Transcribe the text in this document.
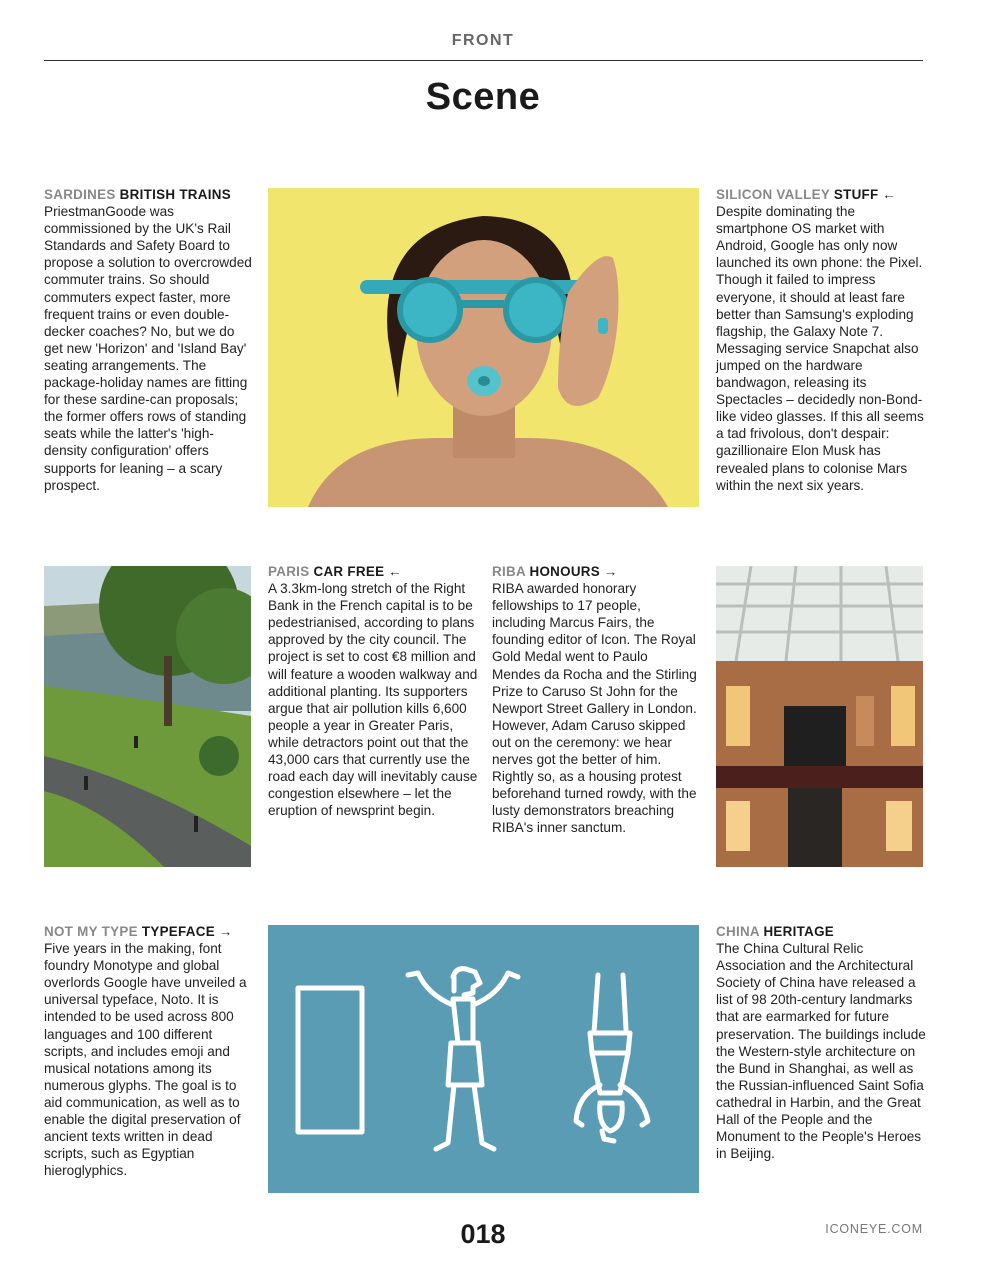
FRONT
Scene
SARDINES BRITISH TRAINS

PriestmanGoode was commissioned by the UK's Rail Standards and Safety Board to propose a solution to overcrowded commuter trains. So should commuters expect faster, more frequent trains or even double-decker coaches? No, but we do get new 'Horizon' and 'Island Bay' seating arrangements. The package-holiday names are fitting for these sardine-can proposals; the former offers rows of standing seats while the latter's 'high-density configuration' offers supports for leaning – a scary prospect.

SILICON VALLEY STUFF ←

Despite dominating the smartphone OS market with Android, Google has only now launched its own phone: the Pixel. Though it failed to impress everyone, it should at least fare better than Samsung's exploding flagship, the Galaxy Note 7. Messaging service Snapchat also jumped on the hardware bandwagon, releasing its Spectacles – decidedly non-Bond-like video glasses. If this all seems a tad frivolous, don't despair: gazillionaire Elon Musk has revealed plans to colonise Mars within the next six years.

PARIS CAR FREE ←

A 3.3km-long stretch of the Right Bank in the French capital is to be pedestrianised, according to plans approved by the city council. The project is set to cost €8 million and will feature a wooden walkway and additional planting. Its supporters argue that air pollution kills 6,600 people a year in Greater Paris, while detractors point out that the 43,000 cars that currently use the road each day will inevitably cause congestion elsewhere – let the eruption of newsprint begin.

RIBA HONOURS →

RIBA awarded honorary fellowships to 17 people, including Marcus Fairs, the founding editor of Icon. The Royal Gold Medal went to Paulo Mendes da Rocha and the Stirling Prize to Caruso St John for the Newport Street Gallery in London. However, Adam Caruso skipped out on the ceremony: we hear nerves got the better of him. Rightly so, as a housing protest beforehand turned rowdy, with the lusty demonstrators breaching RIBA's inner sanctum.

NOT MY TYPE TYPEFACE →

Five years in the making, font foundry Monotype and global overlords Google have unveiled a universal typeface, Noto. It is intended to be used across 800 languages and 100 different scripts, and includes emoji and musical notations among its numerous glyphs. The goal is to aid communication, as well as to enable the digital preservation of ancient texts written in dead scripts, such as Egyptian hieroglyphics.

CHINA HERITAGE

The China Cultural Relic Association and the Architectural Society of China have released a list of 98 20th-century landmarks that are earmarked for future preservation. The buildings include the Western-style architecture on the Bund in Shanghai, as well as the Russian-influenced Saint Sofia cathedral in Harbin, and the Great Hall of the People and the Monument to the People's Heroes in Beijing.

018	ICONEYE.COM
